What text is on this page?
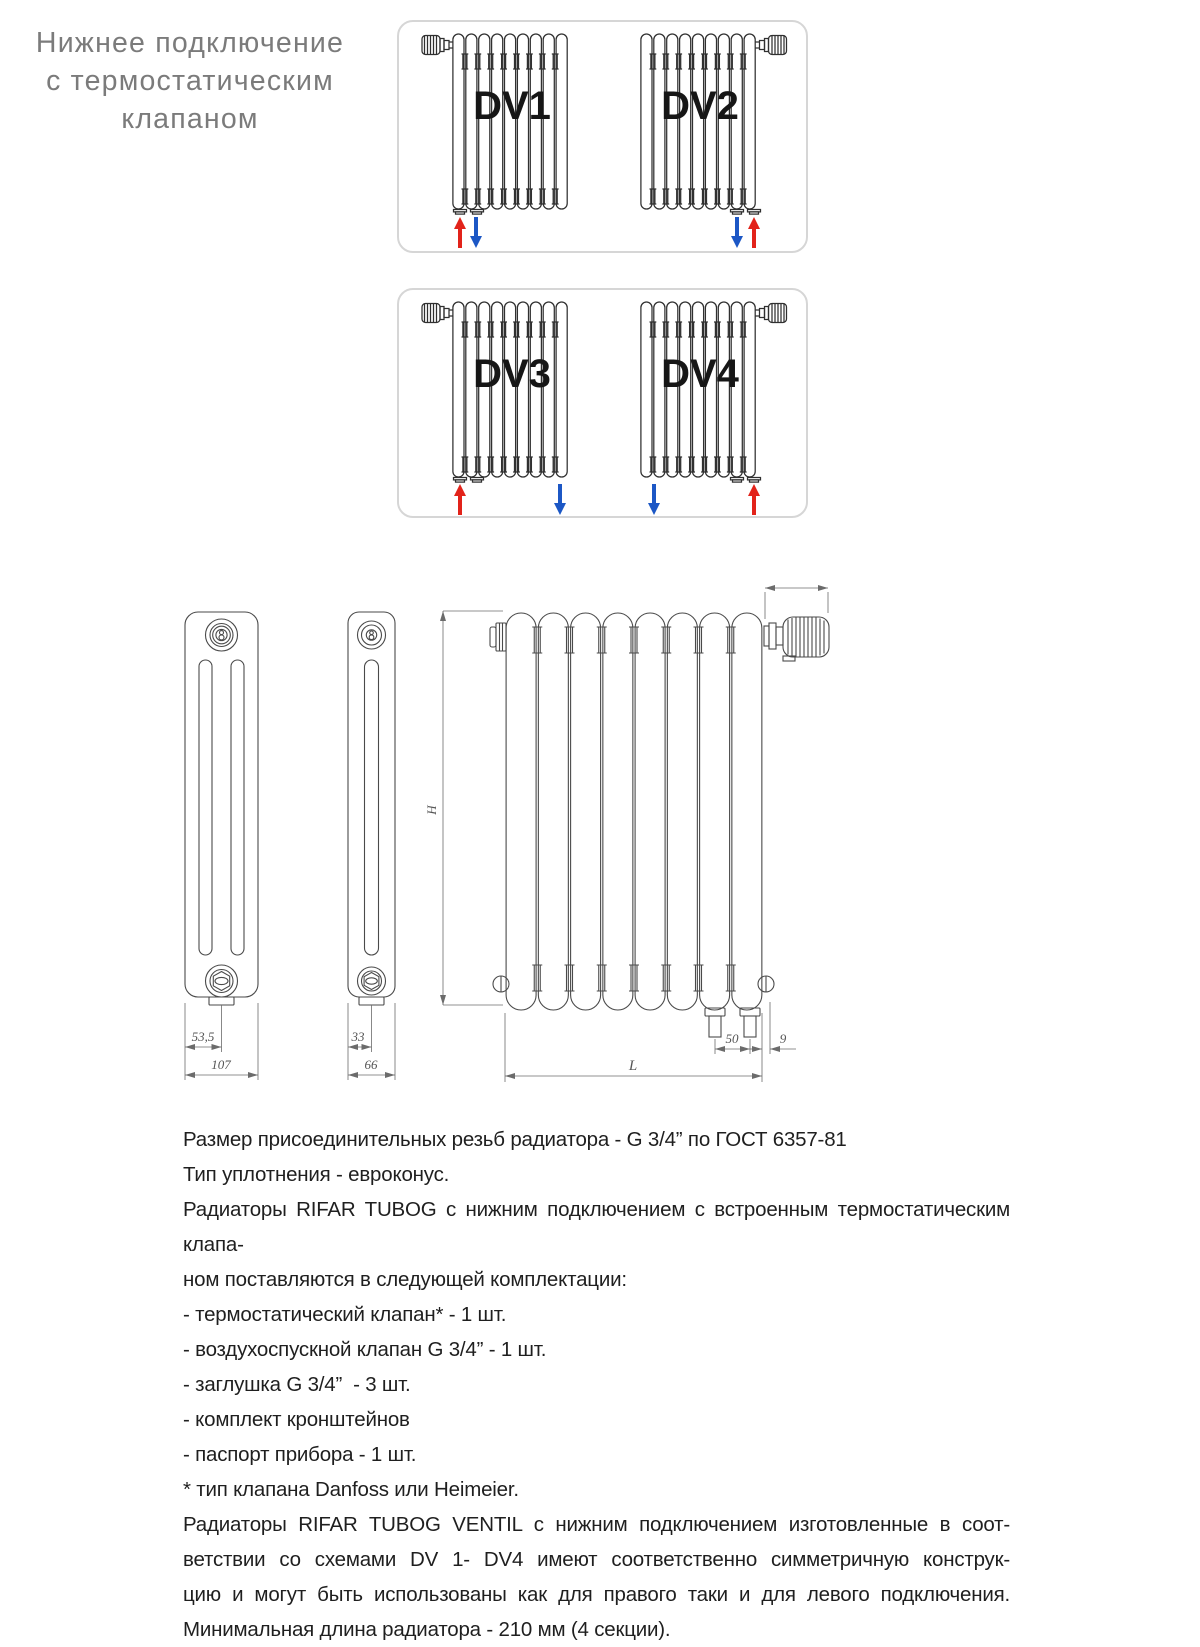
Нижнее подключение
с термостатическим
клапаном	DV1	DV2
DV3	DV4
53,5
107
33
66
H
50	9
L
Размер присоединительных резьб радиатора - G 3/4” по ГОСТ 6357-81
Тип уплотнения - евроконус.
Радиаторы RIFAR TUBOG с нижним подключением с встроенным термостатическим клапа-
ном поставляются в следующей комплектации:
- термостатический клапан* - 1 шт.
- воздухоспускной клапан G 3/4” - 1 шт.
- заглушка G 3/4”  - 3 шт.
- комплект кронштейнов
- паспорт прибора - 1 шт.
* тип клапана Danfoss или Heimeier.
Радиаторы RIFAR TUBOG VENTIL с нижним подключением изготовленные в соот-
ветствии со схемами DV 1- DV4 имеют соответственно симметричную конструк-
цию и могут быть использованы как для правого таки и для левого подключения.
Минимальная длина радиатора - 210 мм (4 секции).
